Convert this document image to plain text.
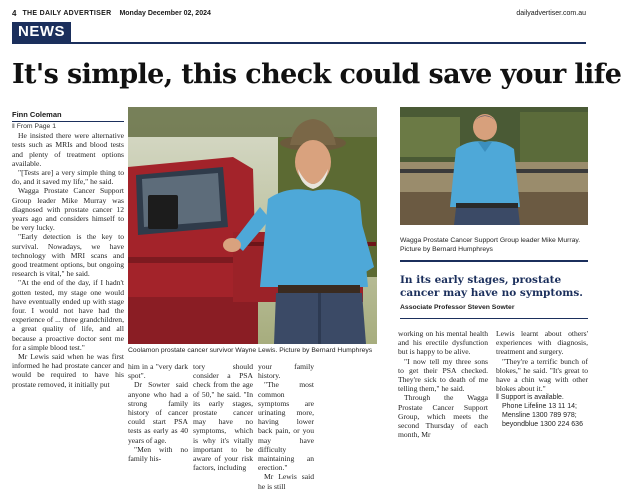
4 THE DAILY ADVERTISER Monday December 02, 2024	dailyadvertiser.com.au
NEWS
It's simple, this check could save your life
Finn Coleman

‖ From Page 1

He insisted there were alternative tests such as MRIs and blood tests and plenty of treatment options available.

"[Tests are] a very simple thing to do, and it saved my life," he said.

Wagga Prostate Cancer Support Group leader Mike Murray was diagnosed with prostate cancer 12 years ago and considers himself to be very lucky.

"Early detection is the key to survival. Nowadays, we have technology with MRI scans and good treatment options, but ongoing research is vital," he said.

"At the end of the day, if I hadn't gotten tested, my stage one would have eventually ended up with stage four. I would not have had the experience of ... three grandchildren, a great quality of life, and all because a proactive doctor sent me for a simple blood test."

Mr Lewis said when he was first informed he had prostate cancer and would be required to have his prostate removed, it initially put

Coolamon prostate cancer survivor Wayne Lewis. Picture by Bernard Humphreys
Wagga Prostate Cancer Support Group leader Mike Murray. Picture by Bernard Humphreys
In its early stages, prostate cancer may have no symptoms.
Associate Professor Steven Sowter

him in a "very dark spot".

Dr Sowter said anyone who had a strong family history of cancer could start PSA tests as early as 40 years of age.

"Men with no family his-

tory should consider a PSA check from the age of 50," he said. "In its early stages, prostate cancer may have no symptoms, which is why it's vitally important to be aware of your risk factors, including

your family history.

"The most common symptoms are urinating more, having lower back pain, or you may have difficulty maintaining an erection."

Mr Lewis said he is still

working on his mental health and his erectile dysfunction but is happy to be alive.

"I now tell my three sons to get their PSA checked. They're sick to death of me telling them," he said.

Through the Wagga Prostate Cancer Support Group, which meets the second Thursday of each month, Mr

Lewis learnt about others' experiences with diagnosis, treatment and surgery.

"They're a terrific bunch of blokes," he said. "It's great to have a chin wag with other blokes about it."

‖ Support is available.

Phone Lifeline 13 11 14;

Mensline 1300 789 978;

beyondblue 1300 224 636
